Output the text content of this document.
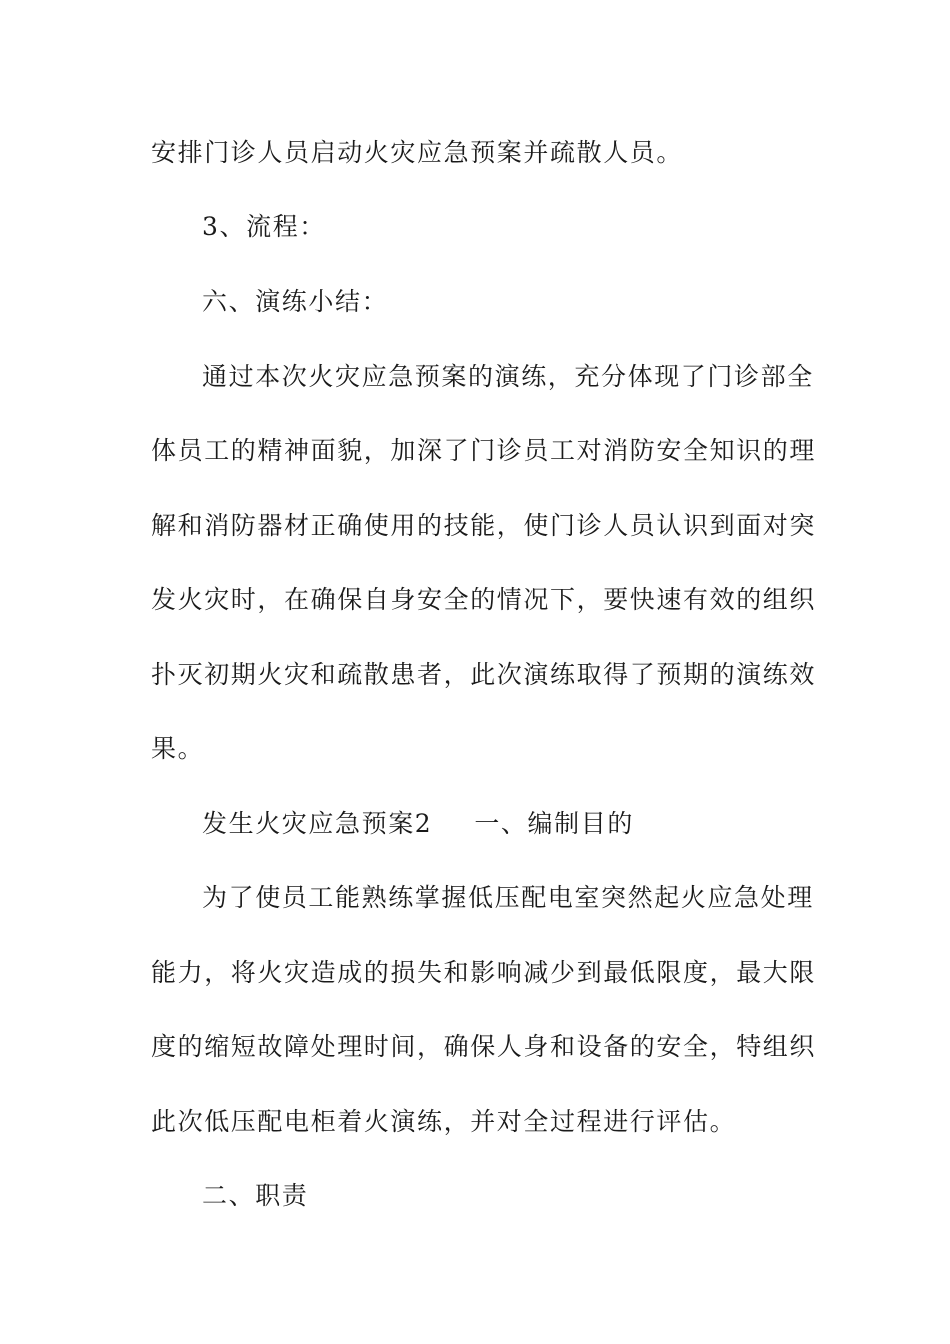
安排门诊人员启动火灾应急预案并疏散人员。
3、流程：
六、演练小结：
通过本次火灾应急预案的演练，充分体现了门诊部全
体员工的精神面貌，加深了门诊员工对消防安全知识的理
解和消防器材正确使用的技能，使门诊人员认识到面对突
发火灾时，在确保自身安全的情况下，要快速有效的组织
扑灭初期火灾和疏散患者，此次演练取得了预期的演练效
果。
发生火灾应急预案2 一、编制目的
为了使员工能熟练掌握低压配电室突然起火应急处理
能力，将火灾造成的损失和影响减少到最低限度，最大限
度的缩短故障处理时间，确保人身和设备的安全，特组织
此次低压配电柜着火演练，并对全过程进行评估。
二、职责
